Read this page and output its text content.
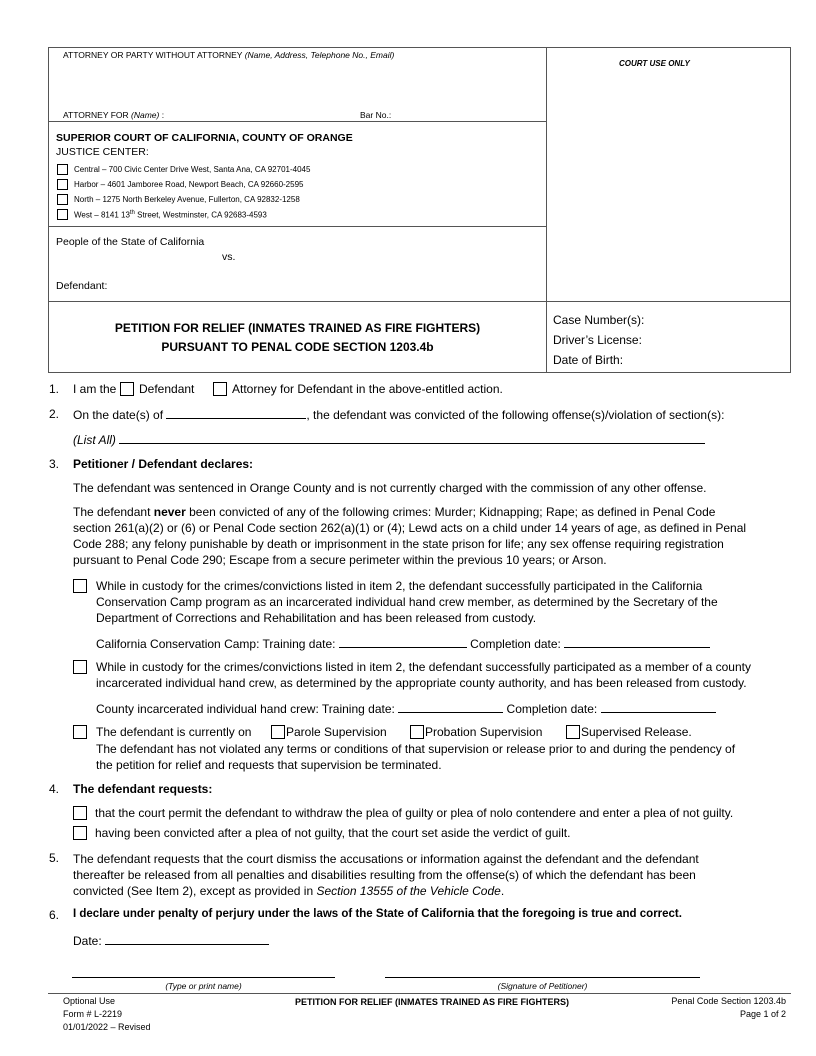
ATTORNEY OR PARTY WITHOUT ATTORNEY (Name, Address, Telephone No., Email)
ATTORNEY FOR (Name) :	Bar No.:
COURT USE ONLY
SUPERIOR COURT OF CALIFORNIA, COUNTY OF ORANGE
JUSTICE CENTER:
Central – 700 Civic Center Drive West, Santa Ana, CA 92701-4045
Harbor – 4601 Jamboree Road, Newport Beach, CA 92660-2595
North – 1275 North Berkeley Avenue, Fullerton, CA 92832-1258
West – 8141 13th Street, Westminster, CA 92683-4593
People of the State of California
vs.
Defendant:
PETITION FOR RELIEF (INMATES TRAINED AS FIRE FIGHTERS)
PURSUANT TO PENAL CODE SECTION 1203.4b
Case Number(s):
Driver’s License:
Date of Birth:
1.	I am the Defendant	Attorney for Defendant in the above-entitled action.
2.	On the date(s) of	, the defendant was convicted of the following offense(s)/violation of section(s):
(List All)
3.	Petitioner / Defendant declares:
The defendant was sentenced in Orange County and is not currently charged with the commission of any other offense.
The defendant never been convicted of any of the following crimes: Murder; Kidnapping; Rape; as defined in Penal Code
section 261(a)(2) or (6) or Penal Code section 262(a)(1) or (4); Lewd acts on a child under 14 years of age, as defined in Penal
Code 288; any felony punishable by death or imprisonment in the state prison for life; any sex offense requiring registration
pursuant to Penal Code 290; Escape from a secure perimeter within the previous 10 years; or Arson.
While in custody for the crimes/convictions listed in item 2, the defendant successfully participated in the California
Conservation Camp program as an incarcerated individual hand crew member, as determined by the Secretary of the
Department of Corrections and Rehabilitation and has been released from custody.
California Conservation Camp: Training date:	Completion date:
While in custody for the crimes/convictions listed in item 2, the defendant successfully participated as a member of a county
incarcerated individual hand crew, as determined by the appropriate county authority, and has been released from custody.
County incarcerated individual hand crew: Training date:	Completion date:
The defendant is currently on	Parole Supervision	Probation Supervision	Supervised Release.
The defendant has not violated any terms or conditions of that supervision or release prior to and during the pendency of
the petition for relief and requests that supervision be terminated.
4.	The defendant requests:
that the court permit the defendant to withdraw the plea of guilty or plea of nolo contendere and enter a plea of not guilty.
having been convicted after a plea of not guilty, that the court set aside the verdict of guilt.
5.	The defendant requests that the court dismiss the accusations or information against the defendant and the defendant
thereafter be released from all penalties and disabilities resulting from the offense(s) of which the defendant has been
convicted (See Item 2), except as provided in Section 13555 of the Vehicle Code.
6.	I declare under penalty of perjury under the laws of the State of California that the foregoing is true and correct.
Date:
(Type or print name)	(Signature of Petitioner)
Optional Use
Form # L-2219
01/01/2022 – Revised
PETITION FOR RELIEF (INMATES TRAINED AS FIRE FIGHTERS)	Penal Code Section 1203.4b
Page 1 of 2
